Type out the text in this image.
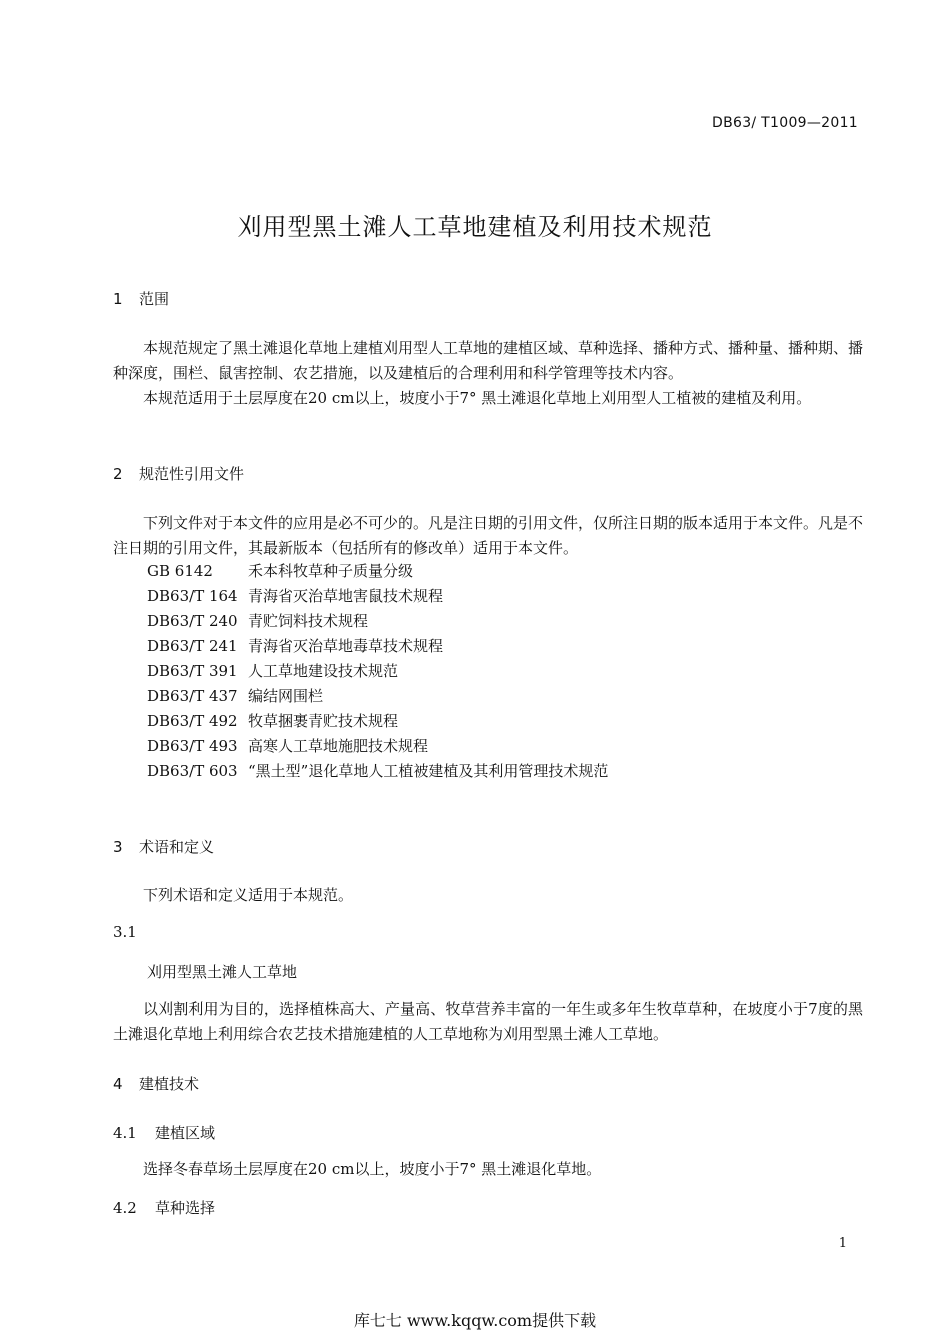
DB63/ T1009—2011
刈用型黑土滩人工草地建植及利用技术规范
1 范围
本规范规定了黑土滩退化草地上建植刈用型人工草地的建植区域、草种选择、播种方式、播种量、播种期、播种深度，围栏、鼠害控制、农艺措施，以及建植后的合理利用和科学管理等技术内容。
本规范适用于土层厚度在20 cm以上，坡度小于7° 黑土滩退化草地上刈用型人工植被的建植及利用。
2 规范性引用文件
下列文件对于本文件的应用是必不可少的。凡是注日期的引用文件，仅所注日期的版本适用于本文件。凡是不注日期的引用文件，其最新版本（包括所有的修改单）适用于本文件。
GB 6142 禾本科牧草种子质量分级
DB63/T 164 青海省灭治草地害鼠技术规程
DB63/T 240 青贮饲料技术规程
DB63/T 241 青海省灭治草地毒草技术规程
DB63/T 391 人工草地建设技术规范
DB63/T 437 编结网围栏
DB63/T 492 牧草捆裹青贮技术规程
DB63/T 493 高寒人工草地施肥技术规程
DB63/T 603 “黑土型”退化草地人工植被建植及其利用管理技术规范
3 术语和定义
下列术语和定义适用于本规范。
3.1
刈用型黑土滩人工草地
以刈割利用为目的，选择植株高大、产量高、牧草营养丰富的一年生或多年生牧草草种，在坡度小于7度的黑土滩退化草地上利用综合农艺技术措施建植的人工草地称为刈用型黑土滩人工草地。
4 建植技术
4.1 建植区域
选择冬春草场土层厚度在20 cm以上，坡度小于7° 黑土滩退化草地。
4.2 草种选择
1
库七七 www.kqqw.com提供下载
